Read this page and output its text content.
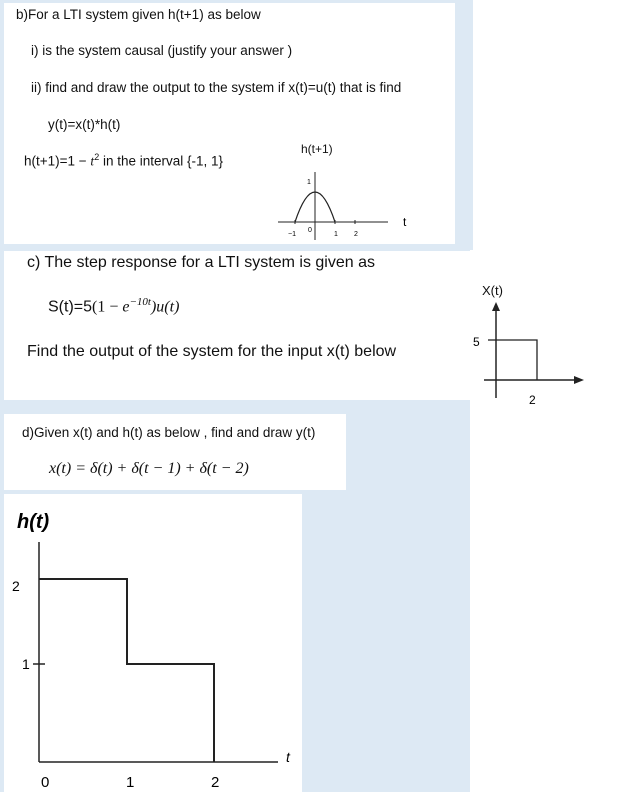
b)For a LTI system given h(t+1) as below
i) is the system causal (justify your answer )
ii) find and draw the output to the system if x(t)=u(t) that is find
y(t)=x(t)*h(t)
$h(t+1)=1 - t^2$ in the interval {-1, 1}
h(t+1)
1
−1
0
1 2
t
c) The step response for a LTI system is given as
$S(t)=5(1 - e^{-10t})u(t)$
Find the output of the system for the input x(t) below
X(t)
5
2
d)Given x(t) and h(t) as below , find and draw y(t)
x(t) = δ(t) + δ(t − 1) + δ(t − 2)
h(t)
2
1
0	1	2
t
